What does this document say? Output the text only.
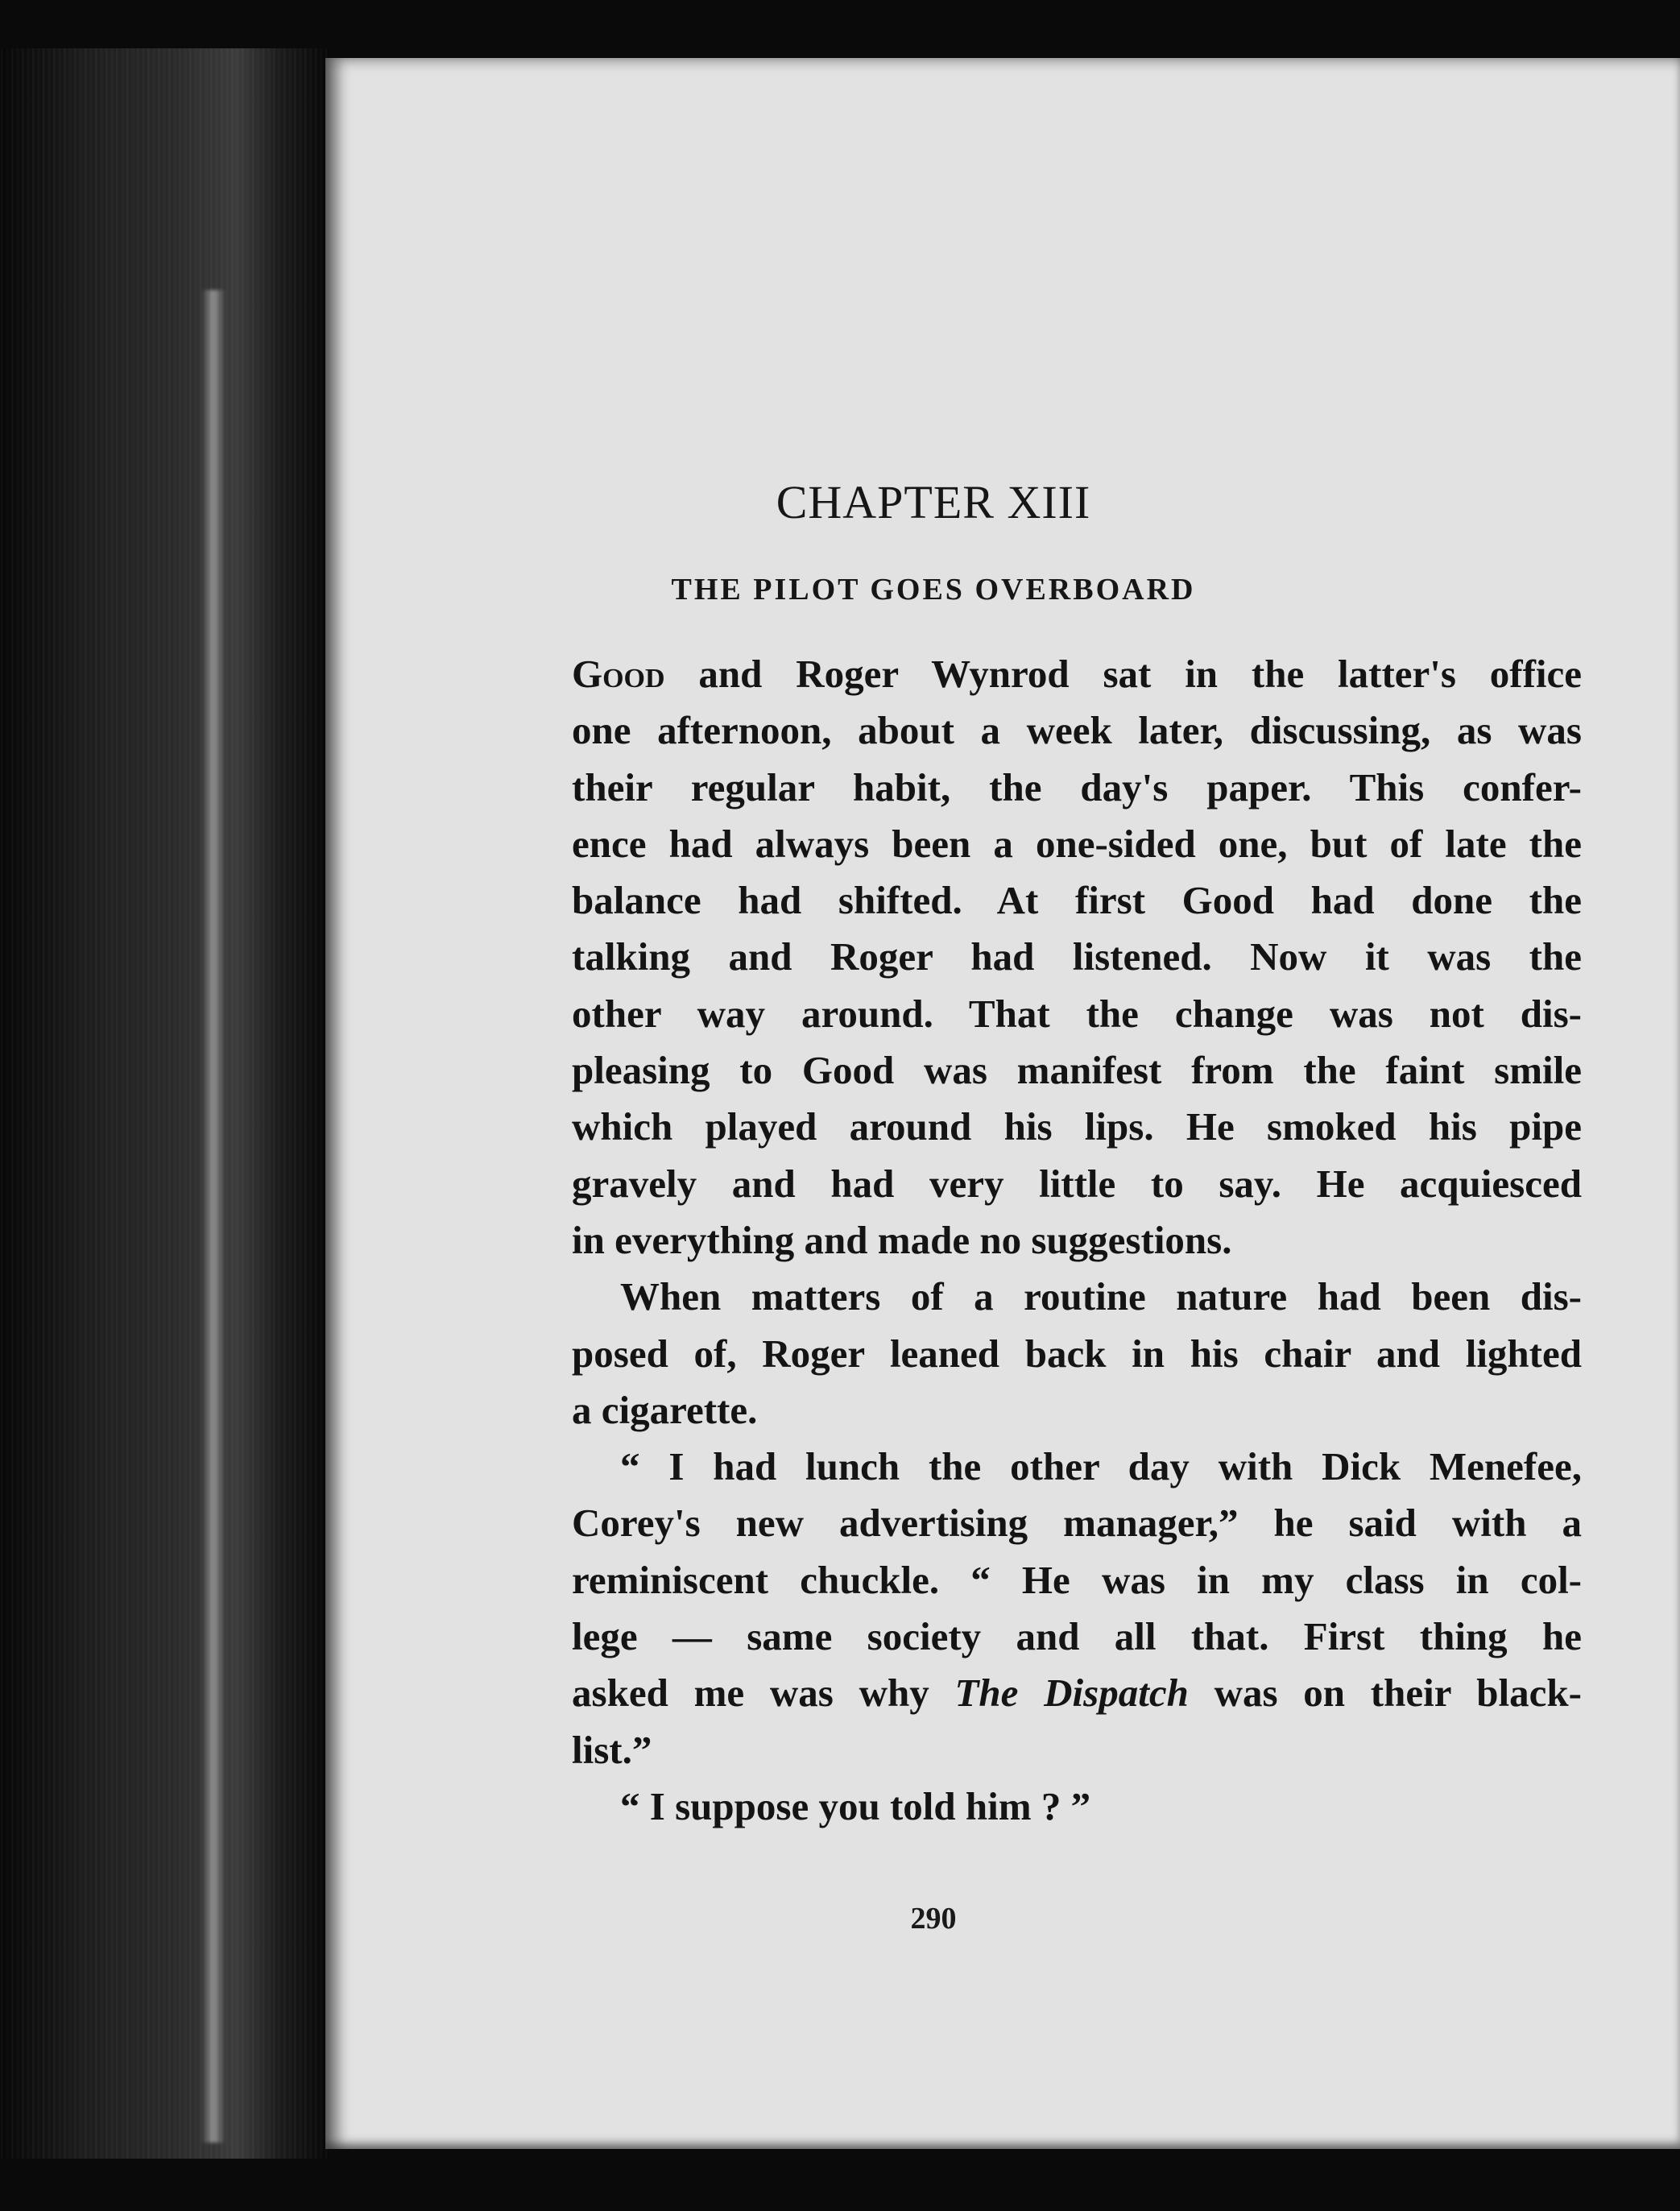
CHAPTER XIII
THE PILOT GOES OVERBOARD

Good and Roger Wynrod sat in the latter's office

one afternoon, about a week later, discussing, as was

their regular habit, the day's paper. This confer-

ence had always been a one-sided one, but of late the

balance had shifted. At first Good had done the

talking and Roger had listened. Now it was the

other way around. That the change was not dis-

pleasing to Good was manifest from the faint smile

which played around his lips. He smoked his pipe

gravely and had very little to say. He acquiesced

in everything and made no suggestions.

When matters of a routine nature had been dis-

posed of, Roger leaned back in his chair and lighted

a cigarette.

“ I had lunch the other day with Dick Menefee,

Corey's new advertising manager,” he said with a

reminiscent chuckle. “ He was in my class in col-

lege — same society and all that. First thing he

asked me was why The Dispatch was on their black-

list.”

“ I suppose you told him ? ”

290
